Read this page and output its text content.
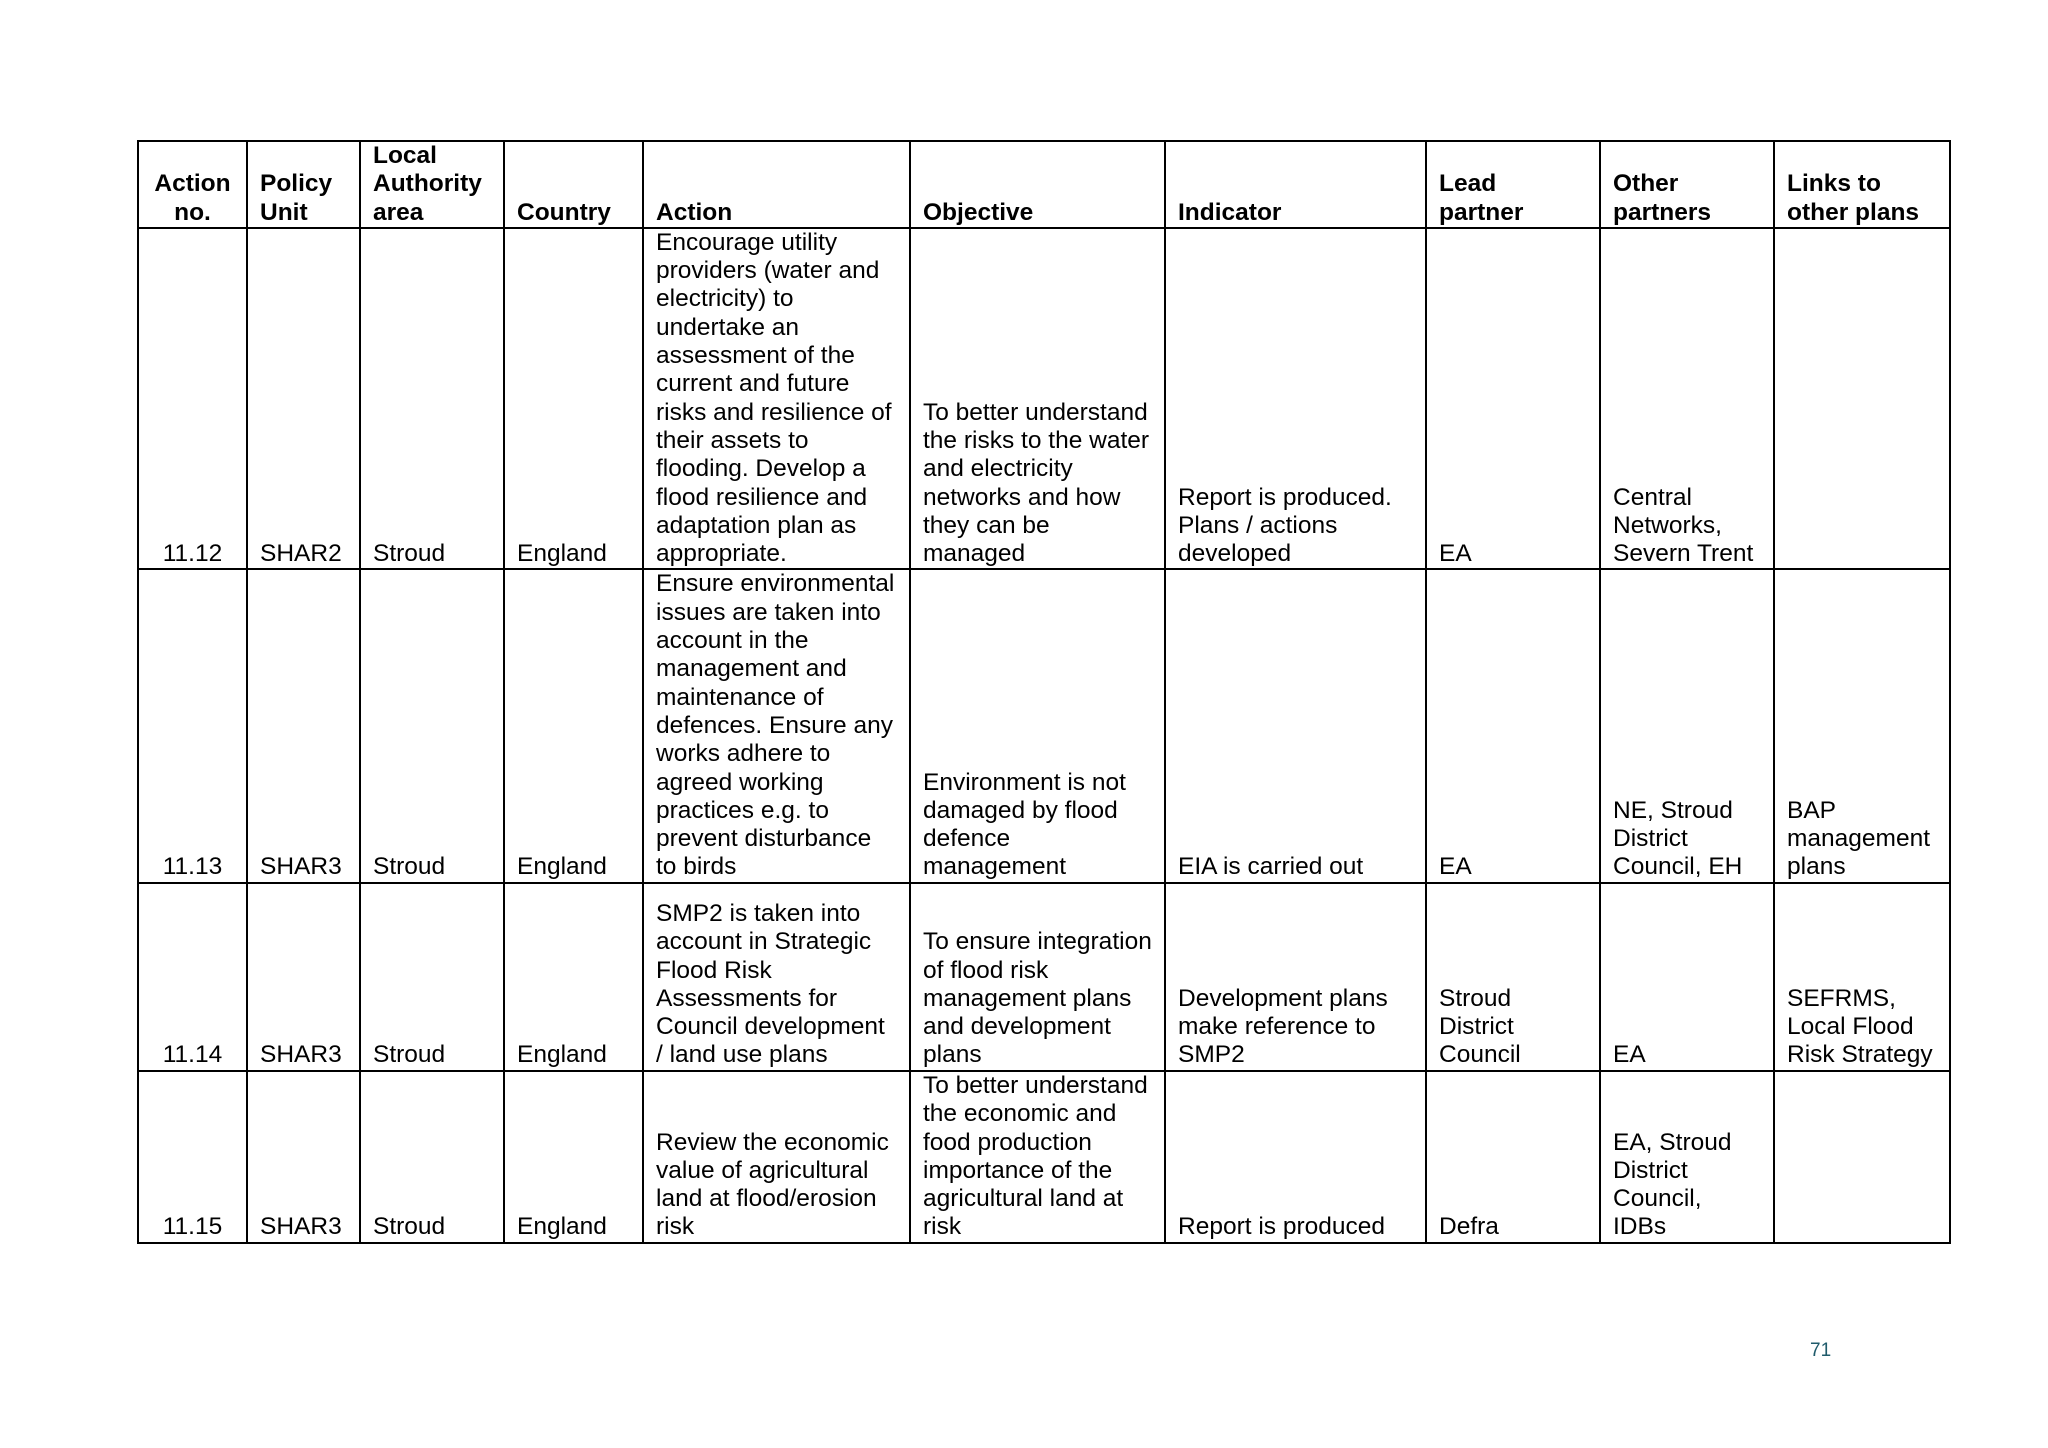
Action no.	Policy Unit	Local Authority area	Country	Action	Objective	Indicator	Lead partner	Other partners	Links to other plans
11.12	SHAR2	Stroud	England	Encourage utility providers (water and electricity) to undertake an assessment of the current and future risks and resilience of their assets to flooding. Develop a flood resilience and adaptation plan as appropriate.	To better understand the risks to the water and electricity networks and how they can be managed	Report is produced. Plans / actions developed	EA	Central Networks, Severn Trent	
11.13	SHAR3	Stroud	England	Ensure environmental issues are taken into account in the management and maintenance of defences. Ensure any works adhere to agreed working practices e.g. to prevent disturbance to birds	Environment is not damaged by flood defence management	EIA is carried out	EA	NE, Stroud District Council, EH	BAP management plans
11.14	SHAR3	Stroud	England	SMP2 is taken into account in Strategic Flood Risk Assessments for Council development / land use plans	To ensure integration of flood risk management plans and development plans	Development plans make reference to SMP2	Stroud District Council	EA	SEFRMS, Local Flood Risk Strategy
11.15	SHAR3	Stroud	England	Review the economic value of agricultural land at flood/erosion risk	To better understand the economic and food production importance of the agricultural land at risk	Report is produced	Defra	EA, Stroud District Council, IDBs	
71
